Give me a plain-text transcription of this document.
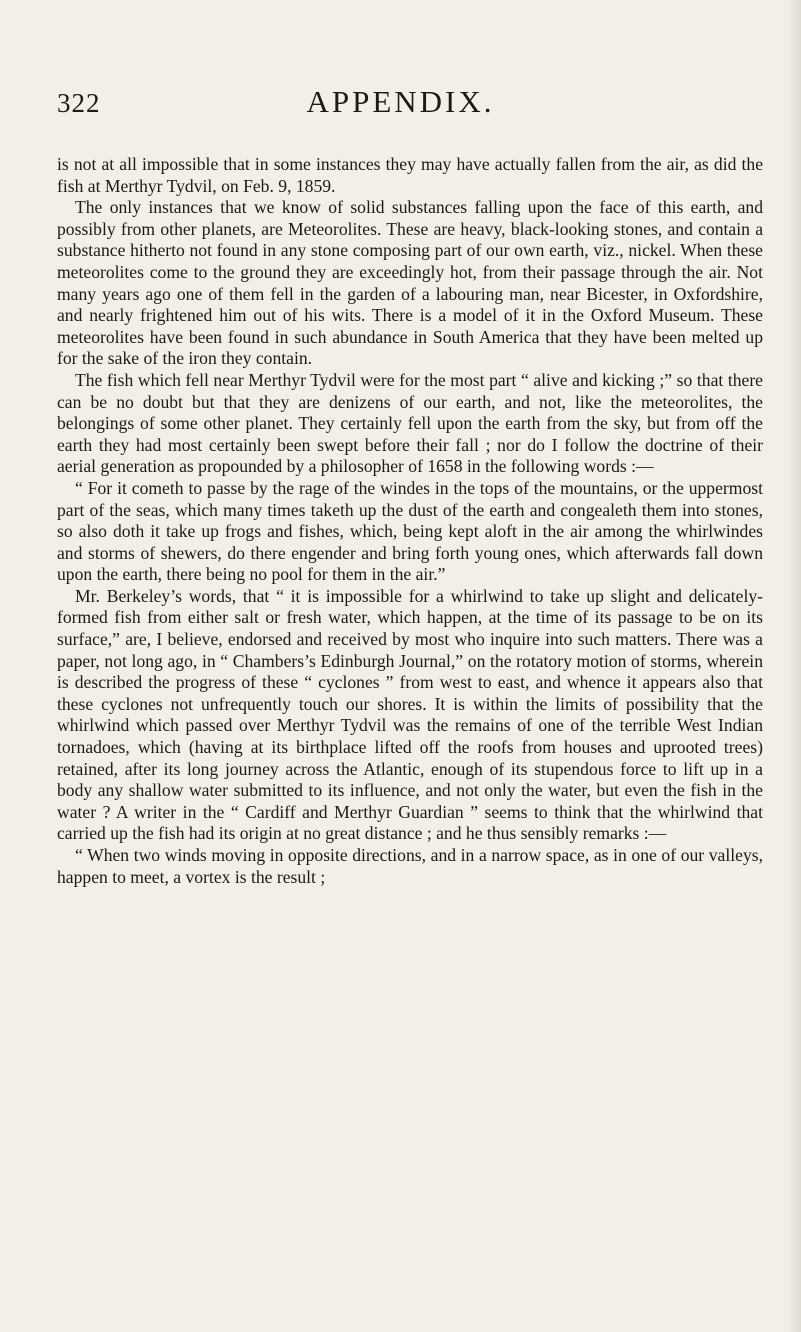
322	APPENDIX.

is not at all impossible that in some instances they may have actually fallen from the air, as did the fish at Merthyr Tydvil, on Feb. 9, 1859.

The only instances that we know of solid substances falling upon the face of this earth, and possibly from other planets, are Meteorolites. These are heavy, black-looking stones, and contain a substance hitherto not found in any stone composing part of our own earth, viz., nickel. When these meteorolites come to the ground they are exceedingly hot, from their passage through the air. Not many years ago one of them fell in the garden of a labouring man, near Bicester, in Oxfordshire, and nearly frightened him out of his wits. There is a model of it in the Oxford Museum. These meteorolites have been found in such abundance in South America that they have been melted up for the sake of the iron they contain.

The fish which fell near Merthyr Tydvil were for the most part “ alive and kicking ;” so that there can be no doubt but that they are denizens of our earth, and not, like the meteorolites, the belongings of some other planet. They certainly fell upon the earth from the sky, but from off the earth they had most certainly been swept before their fall ; nor do I follow the doctrine of their aerial generation as propounded by a philosopher of 1658 in the following words :—

“ For it cometh to passe by the rage of the windes in the tops of the mountains, or the uppermost part of the seas, which many times taketh up the dust of the earth and congealeth them into stones, so also doth it take up frogs and fishes, which, being kept aloft in the air among the whirlwindes and storms of shewers, do there engender and bring forth young ones, which afterwards fall down upon the earth, there being no pool for them in the air.”

Mr. Berkeley’s words, that “ it is impossible for a whirlwind to take up slight and delicately-formed fish from either salt or fresh water, which happen, at the time of its passage to be on its surface,” are, I believe, endorsed and received by most who inquire into such matters. There was a paper, not long ago, in “ Chambers’s Edinburgh Journal,” on the rotatory motion of storms, wherein is described the progress of these “ cyclones ” from west to east, and whence it appears also that these cyclones not unfrequently touch our shores. It is within the limits of possibility that the whirlwind which passed over Merthyr Tydvil was the remains of one of the terrible West Indian tornadoes, which (having at its birthplace lifted off the roofs from houses and uprooted trees) retained, after its long journey across the Atlantic, enough of its stupendous force to lift up in a body any shallow water submitted to its influence, and not only the water, but even the fish in the water ? A writer in the “ Cardiff and Merthyr Guardian ” seems to think that the whirlwind that carried up the fish had its origin at no great distance ; and he thus sensibly remarks :—

“ When two winds moving in opposite directions, and in a narrow space, as in one of our valleys, happen to meet, a vortex is the result ;
